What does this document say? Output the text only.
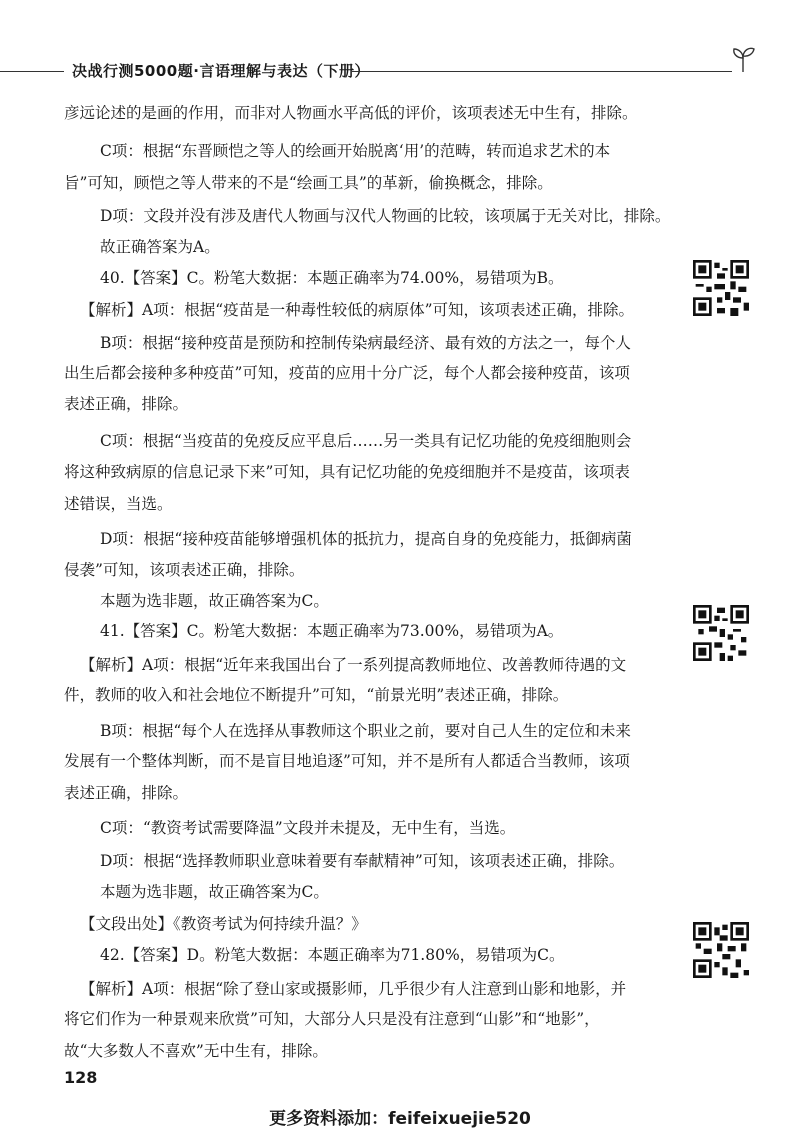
决战行测5000题·言语理解与表达（下册）
彦远论述的是画的作用，而非对人物画水平高低的评价，该项表述无中生有，排除。
C项：根据“东晋顾恺之等人的绘画开始脱离‘用’的范畴，转而追求艺术的本
旨”可知，顾恺之等人带来的不是“绘画工具”的革新，偷换概念，排除。
D项：文段并没有涉及唐代人物画与汉代人物画的比较，该项属于无关对比，排除。
故正确答案为A。
40.【答案】C。粉笔大数据：本题正确率为74.00%，易错项为B。
【解析】A项：根据“疫苗是一种毒性较低的病原体”可知，该项表述正确，排除。
B项：根据“接种疫苗是预防和控制传染病最经济、最有效的方法之一，每个人
出生后都会接种多种疫苗”可知，疫苗的应用十分广泛，每个人都会接种疫苗，该项
表述正确，排除。
C项：根据“当疫苗的免疫反应平息后……另一类具有记忆功能的免疫细胞则会
将这种致病原的信息记录下来”可知，具有记忆功能的免疫细胞并不是疫苗，该项表
述错误，当选。
D项：根据“接种疫苗能够增强机体的抵抗力，提高自身的免疫能力，抵御病菌
侵袭”可知，该项表述正确，排除。
本题为选非题，故正确答案为C。
41.【答案】C。粉笔大数据：本题正确率为73.00%，易错项为A。
【解析】A项：根据“近年来我国出台了一系列提高教师地位、改善教师待遇的文
件，教师的收入和社会地位不断提升”可知，“前景光明”表述正确，排除。
B项：根据“每个人在选择从事教师这个职业之前，要对自己人生的定位和未来
发展有一个整体判断，而不是盲目地追逐”可知，并不是所有人都适合当教师，该项
表述正确，排除。
C项：“教资考试需要降温”文段并未提及，无中生有，当选。
D项：根据“选择教师职业意味着要有奉献精神”可知，该项表述正确，排除。
本题为选非题，故正确答案为C。
【文段出处】《教资考试为何持续升温？》
42.【答案】D。粉笔大数据：本题正确率为71.80%，易错项为C。
【解析】A项：根据“除了登山家或摄影师，几乎很少有人注意到山影和地影，并
将它们作为一种景观来欣赏”可知，大部分人只是没有注意到“山影”和“地影”，
故“大多数人不喜欢”无中生有，排除。
128
更多资料添加：feifeixuejie520
